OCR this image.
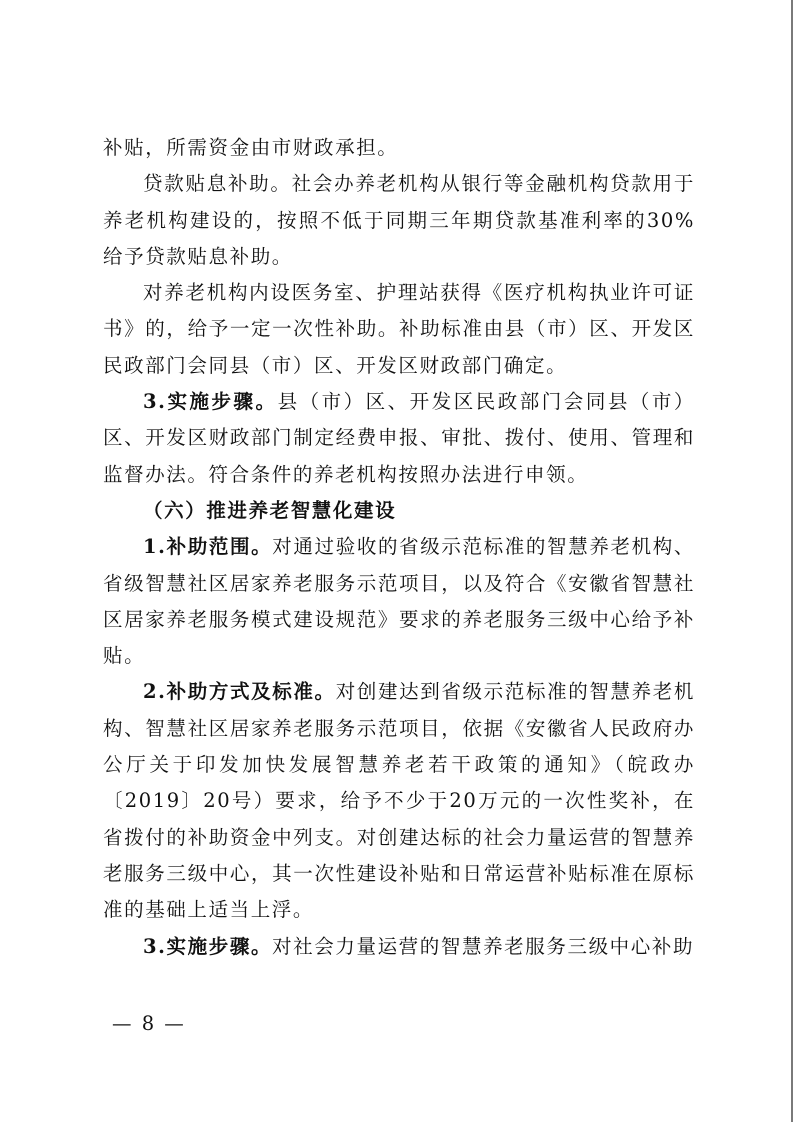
补贴，所需资金由市财政承担。

贷款贴息补助。社会办养老机构从银行等金融机构贷款用于养老机构建设的，按照不低于同期三年期贷款基准利率的30%给予贷款贴息补助。

对养老机构内设医务室、护理站获得《医疗机构执业许可证书》的，给予一定一次性补助。补助标准由县（市）区、开发区民政部门会同县（市）区、开发区财政部门确定。

3.实施步骤。县（市）区、开发区民政部门会同县（市）区、开发区财政部门制定经费申报、审批、拨付、使用、管理和监督办法。符合条件的养老机构按照办法进行申领。

（六）推进养老智慧化建设

1.补助范围。对通过验收的省级示范标准的智慧养老机构、省级智慧社区居家养老服务示范项目，以及符合《安徽省智慧社区居家养老服务模式建设规范》要求的养老服务三级中心给予补贴。

2.补助方式及标准。对创建达到省级示范标准的智慧养老机构、智慧社区居家养老服务示范项目，依据《安徽省人民政府办公厅关于印发加快发展智慧养老若干政策的通知》（皖政办〔2019〕20号）要求，给予不少于20万元的一次性奖补，在省拨付的补助资金中列支。对创建达标的社会力量运营的智慧养老服务三级中心，其一次性建设补贴和日常运营补贴标准在原标准的基础上适当上浮。

3.实施步骤。对社会力量运营的智慧养老服务三级中心补助

— 8 —
